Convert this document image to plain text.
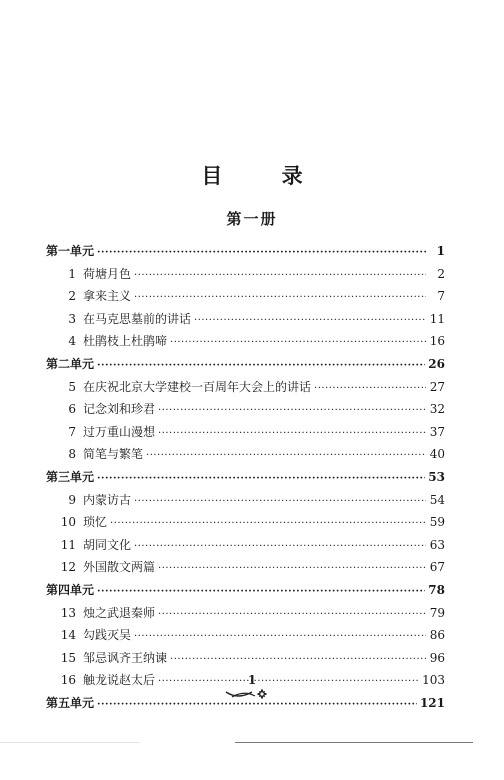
目 录
第一册
第一单元 ·····	1
1 荷塘月色 ·····	2
2 拿来主义 ·····	7
3 在马克思墓前的讲话 ·····	11
4 杜鹃枝上杜鹃啼 ·····	16
第二单元 ·····	26
5 在庆祝北京大学建校一百周年大会上的讲话 ·····	27
6 记念刘和珍君 ·····	32
7 过万重山漫想 ·····	37
8 简笔与繁笔 ·····	40
第三单元 ·····	53
9 内蒙访古 ·····	54
10 琐忆 ·····	59
11 胡同文化 ·····	63
12 外国散文两篇 ·····	67
第四单元 ·····	78
13 烛之武退秦师 ·····	79
14 勾践灭吴 ·····	86
15 邹忌讽齐王纳谏 ·····	96
16 触龙说赵太后 ·····	103
第五单元 ·····	121
1
